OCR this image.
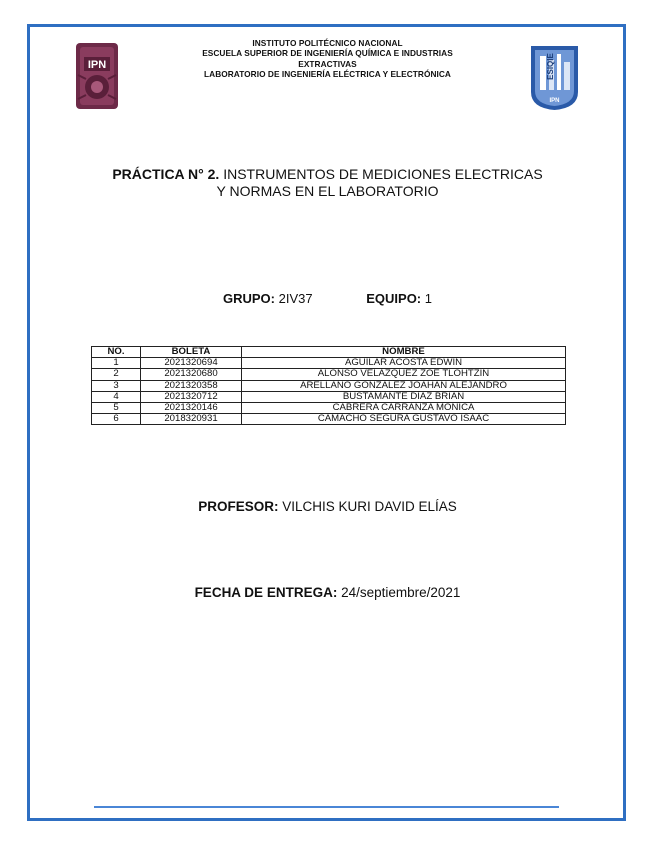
IPN	ESIQIE
IPN
INSTITUTO POLITÉCNICO NACIONAL
ESCUELA SUPERIOR DE INGENIERÍA QUÍMICA E INDUSTRIAS
EXTRACTIVAS
LABORATORIO DE INGENIERÍA ELÉCTRICA Y ELECTRÓNICA
PRÁCTICA N° 2. INSTRUMENTOS DE MEDICIONES ELECTRICAS
Y NORMAS EN EL LABORATORIO
GRUPO: 2IV37	EQUIPO: 1
NO.	BOLETA	NOMBRE
1	2021320694	AGUILAR ACOSTA EDWIN
2	2021320680	ALONSO VELÁZQUEZ ZOE TLOHTZIN
3	2021320358	ARELLANO GONZÁLEZ JOAHAN ALEJANDRO
4	2021320712	BUSTAMANTE DÍAZ BRIAN
5	2021320146	CABRERA CARRANZA MONICA
6	2018320931	CAMACHO SEGURA GUSTAVO ISAAC
PROFESOR: VILCHIS KURI DAVID ELÍAS
FECHA DE ENTREGA: 24/septiembre/2021
